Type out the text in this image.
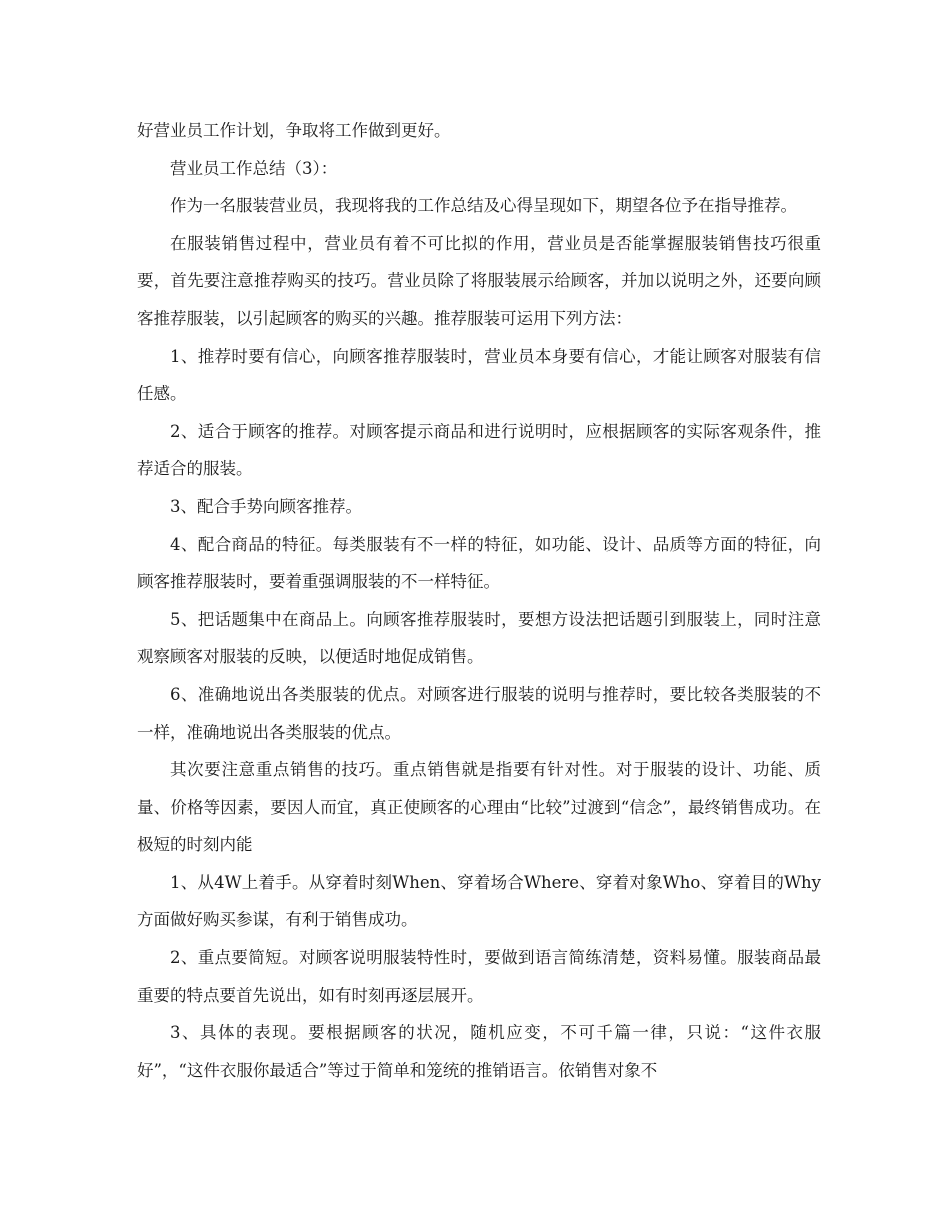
好营业员工作计划，争取将工作做到更好。

营业员工作总结（3）：

作为一名服装营业员，我现将我的工作总结及心得呈现如下，期望各位予在指导推荐。

在服装销售过程中，营业员有着不可比拟的作用，营业员是否能掌握服装销售技巧很重要，首先要注意推荐购买的技巧。营业员除了将服装展示给顾客，并加以说明之外，还要向顾客推荐服装，以引起顾客的购买的兴趣。推荐服装可运用下列方法：

1、推荐时要有信心，向顾客推荐服装时，营业员本身要有信心，才能让顾客对服装有信任感。

2、适合于顾客的推荐。对顾客提示商品和进行说明时，应根据顾客的实际客观条件，推荐适合的服装。

3、配合手势向顾客推荐。

4、配合商品的特征。每类服装有不一样的特征，如功能、设计、品质等方面的特征，向顾客推荐服装时，要着重强调服装的不一样特征。

5、把话题集中在商品上。向顾客推荐服装时，要想方设法把话题引到服装上，同时注意观察顾客对服装的反映，以便适时地促成销售。

6、准确地说出各类服装的优点。对顾客进行服装的说明与推荐时，要比较各类服装的不一样，准确地说出各类服装的优点。

其次要注意重点销售的技巧。重点销售就是指要有针对性。对于服装的设计、功能、质量、价格等因素，要因人而宜，真正使顾客的心理由“比较”过渡到“信念”，最终销售成功。在极短的时刻内能

1、从4W上着手。从穿着时刻When、穿着场合Where、穿着对象Who、穿着目的Why方面做好购买参谋，有利于销售成功。

2、重点要简短。对顾客说明服装特性时，要做到语言简练清楚，资料易懂。服装商品最重要的特点要首先说出，如有时刻再逐层展开。

3、具体的表现。要根据顾客的状况，随机应变，不可千篇一律，只说：“这件衣服好”，“这件衣服你最适合”等过于简单和笼统的推销语言。依销售对象不
